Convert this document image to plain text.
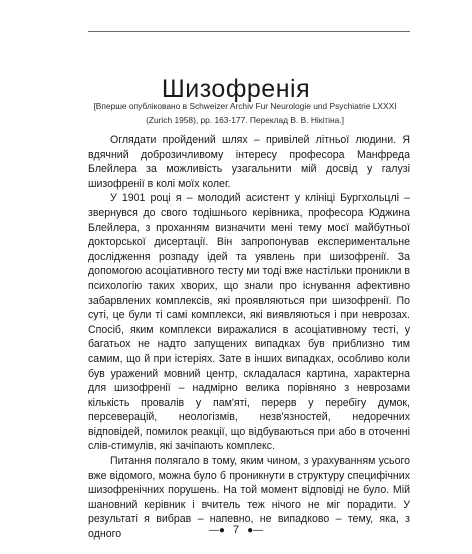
Шизофренія

[Вперше опубліковано в Schweizer Archiv Fur Neurologie und Psychiatrie LXXXI

(Zurich 1958), pp. 163-177. Переклад В. В. Нікітіна.]

Оглядати пройдений шлях – привілей літньої людини. Я вдячний доброзичливому інтересу професора Манфреда Блейлера за можливість узагальнити мій досвід у галузі шизофренії в колі моїх колег.

У 1901 році я – молодий асистент у клініці Бургхольцлі – звернувся до свого тодішнього керівника, професора Юджина Блейлера, з проханням визначити мені тему моєї майбутньої докторської дисертації. Він запропонував експериментальне дослідження розпаду ідей та уявлень при шизофренії. За допомогою асоціативного тесту ми тоді вже настільки проникли в психологію таких хворих, що знали про існування афективно забарвлених комплексів, які проявляються при шизофренії. По суті, це були ті самі комплекси, які виявляються і при неврозах. Спосіб, яким комплекси виражалися в асоціативному тесті, у багатьох не надто запущених випадках був приблизно тим самим, що й при істеріях. Зате в інших випадках, особливо коли був уражений мовний центр, складалася картина, характерна для шизофренії – надмірно велика порівняно з неврозами кількість провалів у пам'яті, перерв у перебігу думок, персеверацій, неологізмів, незв'язностей, недоречних відповідей, помилок реакції, що відбуваються при або в оточенні слів-стимулів, які зачіпають комплекс.

Питання полягало в тому, яким чином, з урахуванням усього вже відомого, можна було б проникнути в структуру специфічних шизофренічних порушень. На той момент відповіді не було. Мій шановний керівник і вчитель теж нічого не міг порадити. У результаті я вибрав – напевно, не випадково – тему, яка, з одного	—● 7 ●—
